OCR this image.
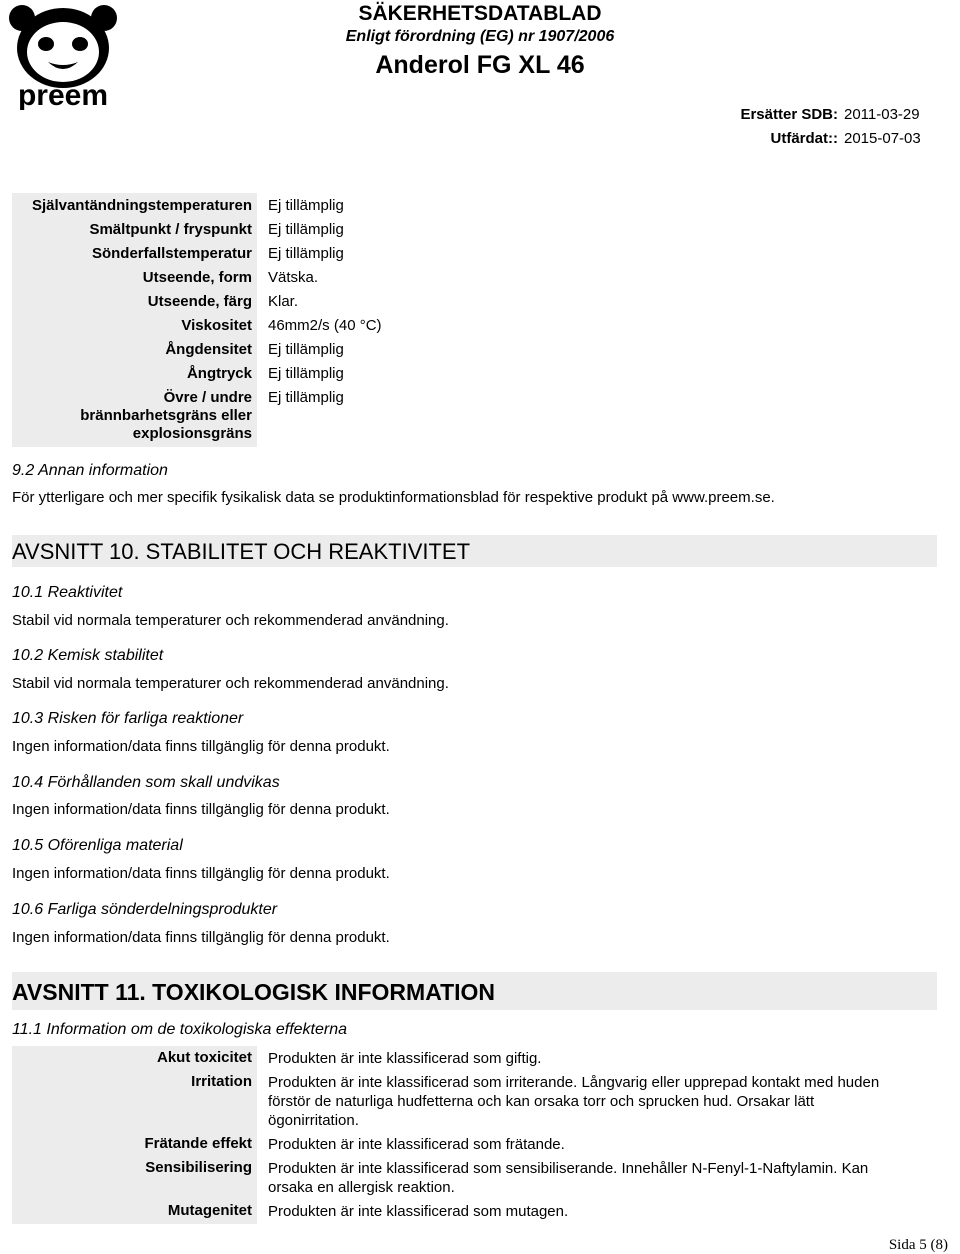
preem
SÄKERHETSDATABLAD
Enligt förordning (EG) nr 1907/2006
Anderol FG XL 46
Ersätter SDB: 2011-03-29
Utfärdat:: 2015-07-03
Självantändningstemperaturen Ej tillämplig
Smältpunkt / fryspunkt Ej tillämplig
Sönderfallstemperatur Ej tillämplig
Utseende, form Vätska.
Utseende, färg Klar.
Viskositet 46mm2/s (40 °C)
Ångdensitet Ej tillämplig
Ångtryck Ej tillämplig
Övre / undre
brännbarhetsgräns eller
explosionsgräns
Ej tillämplig
9.2 Annan information
För ytterligare och mer specifik fysikalisk data se produktinformationsblad för respektive produkt på www.preem.se.
AVSNITT 10. STABILITET OCH REAKTIVITET
10.1 Reaktivitet
Stabil vid normala temperaturer och rekommenderad användning.
10.2 Kemisk stabilitet
Stabil vid normala temperaturer och rekommenderad användning.
10.3 Risken för farliga reaktioner
Ingen information/data finns tillgänglig för denna produkt.
10.4 Förhållanden som skall undvikas
Ingen information/data finns tillgänglig för denna produkt.
10.5 Oförenliga material
Ingen information/data finns tillgänglig för denna produkt.
10.6 Farliga sönderdelningsprodukter
Ingen information/data finns tillgänglig för denna produkt.
AVSNITT 11. TOXIKOLOGISK INFORMATION
11.1 Information om de toxikologiska effekterna
Akut toxicitet Produkten är inte klassificerad som giftig.
Irritation Produkten är inte klassificerad som irriterande. Långvarig eller upprepad kontakt med huden förstör de naturliga hudfetterna och kan orsaka torr och sprucken hud. Orsakar lätt ögonirritation.
Frätande effekt Produkten är inte klassificerad som frätande.
Sensibilisering Produkten är inte klassificerad som sensibiliserande. Innehåller N-Fenyl-1-Naftylamin. Kan orsaka en allergisk reaktion.
Mutagenitet Produkten är inte klassificerad som mutagen.
Sida 5 (8)
